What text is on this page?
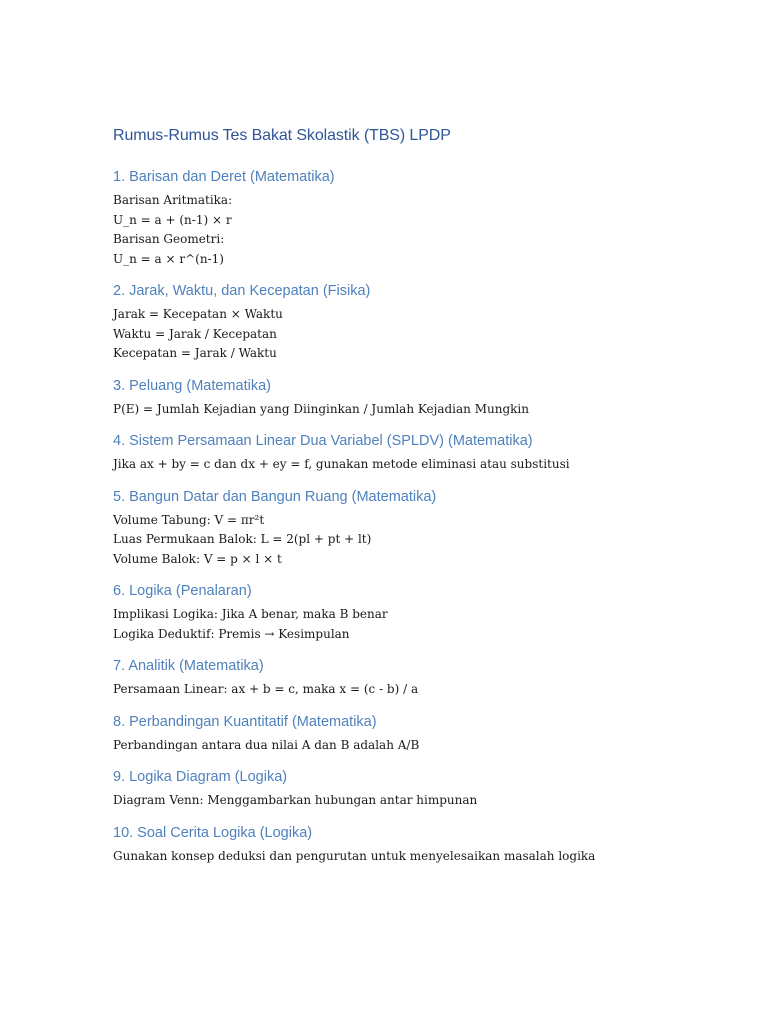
Rumus-Rumus Tes Bakat Skolastik (TBS) LPDP
1. Barisan dan Deret (Matematika)

Barisan Aritmatika:

U_n = a + (n-1) × r

Barisan Geometri:

U_n = a × r^(n-1)

2. Jarak, Waktu, dan Kecepatan (Fisika)

Jarak = Kecepatan × Waktu

Waktu = Jarak / Kecepatan

Kecepatan = Jarak / Waktu

3. Peluang (Matematika)

P(E) = Jumlah Kejadian yang Diinginkan / Jumlah Kejadian Mungkin

4. Sistem Persamaan Linear Dua Variabel (SPLDV) (Matematika)

Jika ax + by = c dan dx + ey = f, gunakan metode eliminasi atau substitusi

5. Bangun Datar dan Bangun Ruang (Matematika)

Volume Tabung: V = πr²t

Luas Permukaan Balok: L = 2(pl + pt + lt)

Volume Balok: V = p × l × t

6. Logika (Penalaran)

Implikasi Logika: Jika A benar, maka B benar

Logika Deduktif: Premis → Kesimpulan

7. Analitik (Matematika)

Persamaan Linear: ax + b = c, maka x = (c - b) / a

8. Perbandingan Kuantitatif (Matematika)

Perbandingan antara dua nilai A dan B adalah A/B

9. Logika Diagram (Logika)

Diagram Venn: Menggambarkan hubungan antar himpunan

10. Soal Cerita Logika (Logika)

Gunakan konsep deduksi dan pengurutan untuk menyelesaikan masalah logika
